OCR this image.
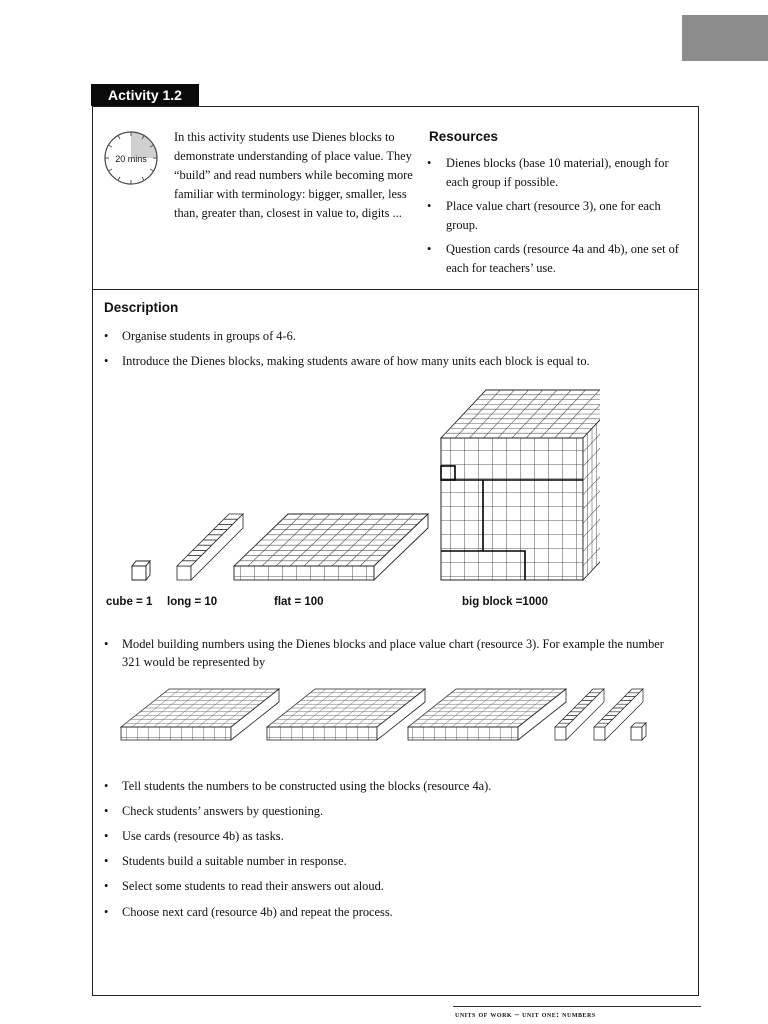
Activity 1.2
20 mins
In this activity students use Dienes blocks to demonstrate understanding of place value. They “build” and read numbers while becoming more familiar with terminology: bigger, smaller, less than, greater than, closest in value to, digits ...
Resources
• Dienes blocks (base 10 material), enough for each group if possible.
• Place value chart (resource 3), one for each group.
• Question cards (resource 4a and 4b), one set of each for teachers’ use.
Description
• Organise students in groups of 4-6.
• Introduce the Dienes blocks, making students aware of how many units each block is equal to.
cube = 1 long = 10	flat = 100	big block =1000
• Model building numbers using the Dienes blocks and place value chart (resource 3). For example the number 321 would be represented by
• Tell students the numbers to be constructed using the blocks (resource 4a).
• Check students’ answers by questioning.
• Use cards (resource 4b) as tasks.
• Students build a suitable number in response.
• Select some students to read their answers out aloud.
• Choose next card (resource 4b) and repeat the process.
units of work – unit one: numbers
